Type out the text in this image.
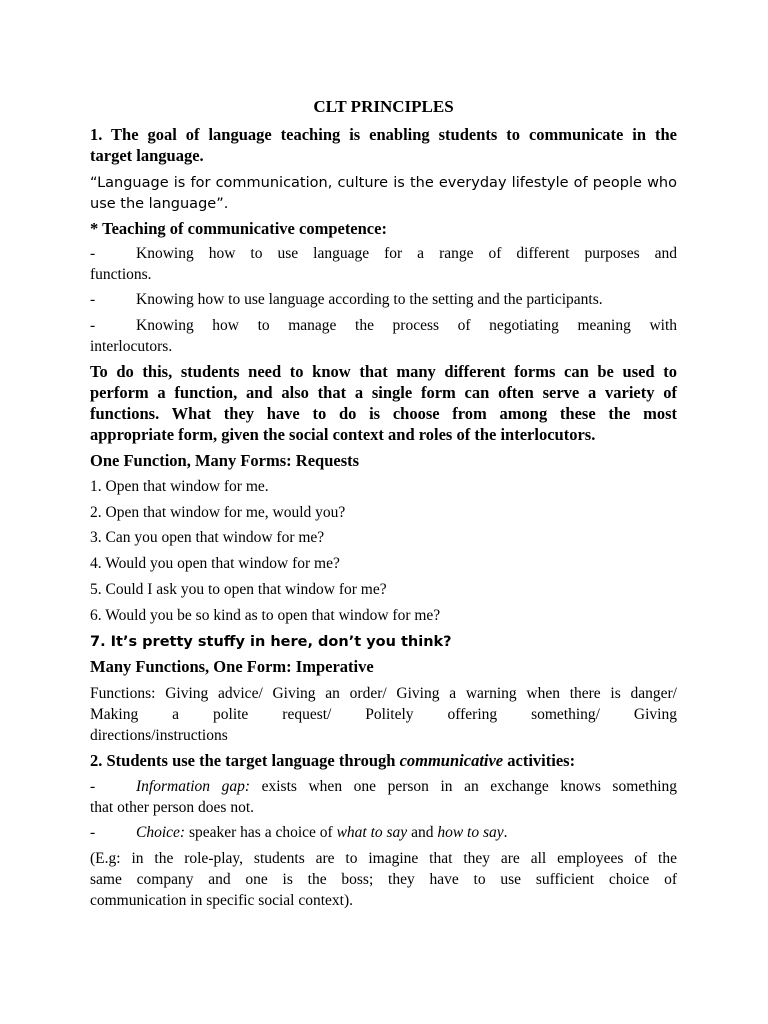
CLT PRINCIPLES
1. The goal of language teaching is enabling students to communicate in the
target language.
“Language is for communication, culture is the everyday lifestyle of people who
use the language”.
* Teaching of communicative competence:
-	Knowing how to use language for a range of different purposes and
functions.
-	Knowing how to use language according to the setting and the participants.
-	Knowing how to manage the process of negotiating meaning with
interlocutors.
To do this, students need to know that many different forms can be used to
perform a function, and also that a single form can often serve a variety of
functions. What they have to do is choose from among these the most
appropriate form, given the social context and roles of the interlocutors.
One Function, Many Forms: Requests
1. Open that window for me.
2. Open that window for me, would you?
3. Can you open that window for me?
4. Would you open that window for me?
5. Could I ask you to open that window for me?
6. Would you be so kind as to open that window for me?
7. It’s pretty stuffy in here, don’t you think?
Many Functions, One Form: Imperative
Functions: Giving advice/ Giving an order/ Giving a warning when there is danger/
Making a polite request/ Politely offering something/ Giving
directions/instructions
2. Students use the target language through communicative activities:
-	Information gap: exists when one person in an exchange knows something
that other person does not.
-	Choice: speaker has a choice of what to say and how to say.
(E.g: in the role-play, students are to imagine that they are all employees of the
same company and one is the boss; they have to use sufficient choice of
communication in specific social context).
